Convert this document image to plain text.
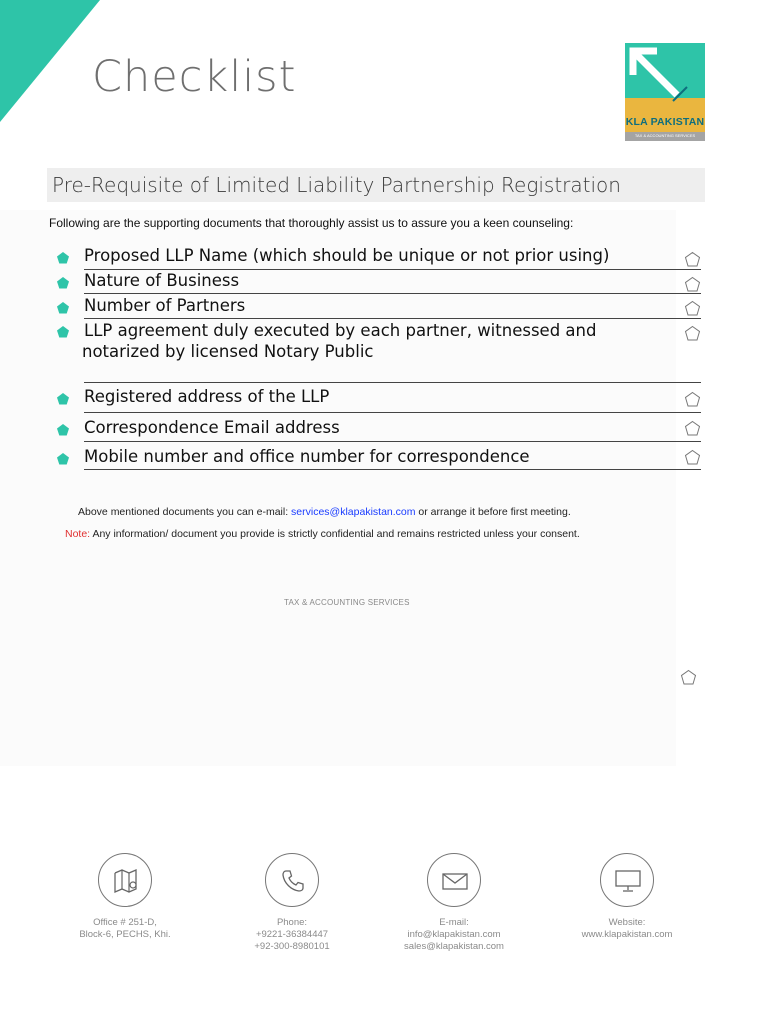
Checklist
KLA PAKISTAN
TAX & ACCOUNTING SERVICES
Pre-Requisite of Limited Liability Partnership Registration
Following are the supporting documents that thoroughly assist us to assure you a keen counseling:
Proposed LLP Name (which should be unique or not prior using)
Nature of Business
Number of Partners
LLP agreement duly executed by each partner, witnessed and
notarized by licensed Notary Public
Registered address of the LLP
Correspondence Email address
Mobile number and office number for correspondence
Above mentioned documents you can e-mail: services@klapakistan.com or arrange it before first meeting.
Note: Any information/ document you provide is strictly confidential and remains restricted unless your consent.
TAX & ACCOUNTING SERVICES
Office # 251-D,
Block-6, PECHS, Khi.
Phone:
+9221-36384447
+92-300-8980101
E-mail:
info@klapakistan.com
sales@klapakistan.com
Website:
www.klapakistan.com
